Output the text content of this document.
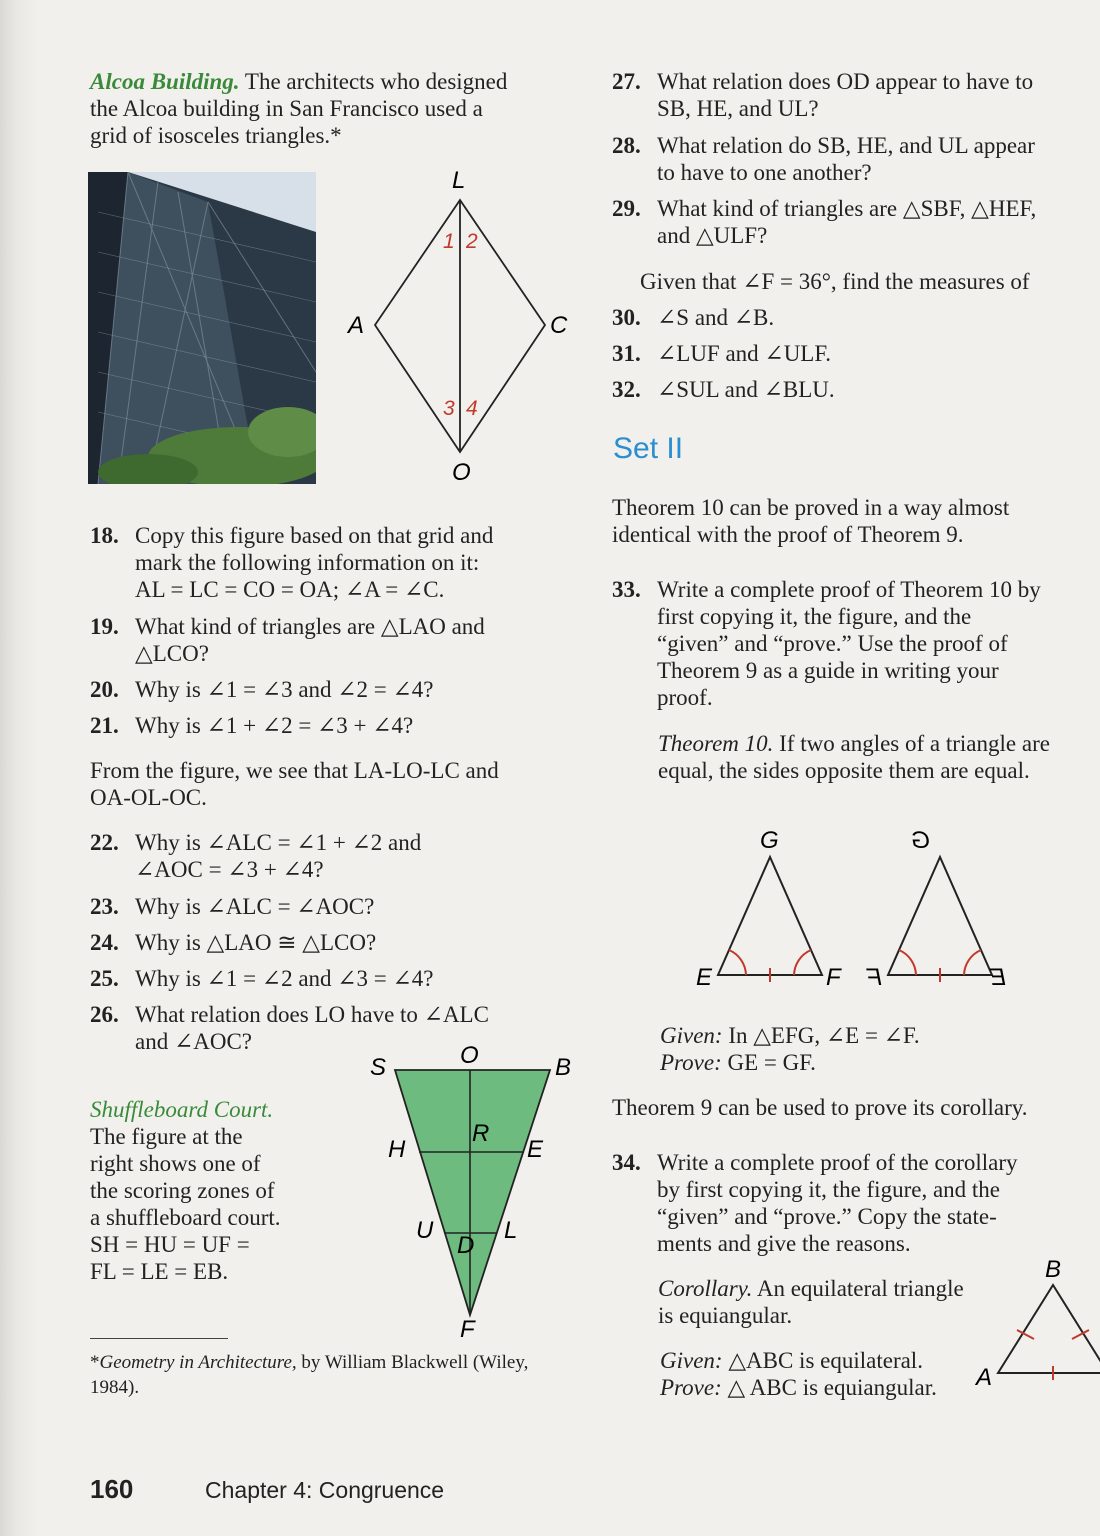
Alcoa Building. The architects who designed
the Alcoa building in San Francisco used a
grid of isosceles triangles.*
L
A	C
O
1 2
3 4
18. Copy this figure based on that grid and
mark the following information on it:
AL = LC = CO = OA; ∠A = ∠C.
19. What kind of triangles are △LAO and
△LCO?
20. Why is ∠1 = ∠3 and ∠2 = ∠4?
21. Why is ∠1 + ∠2 = ∠3 + ∠4?
From the figure, we see that LA-LO-LC and
OA-OL-OC.
22. Why is ∠ALC = ∠1 + ∠2 and
∠AOC = ∠3 + ∠4?
23. Why is ∠ALC = ∠AOC?
24. Why is △LAO ≅ △LCO?
25. Why is ∠1 = ∠2 and ∠3 = ∠4?
26. What relation does LO have to ∠ALC
and ∠AOC?
Shuffleboard Court.
The figure at the
right shows one of
the scoring zones of
a shuffleboard court.
SH = HU = UF =
FL = LE = EB.
S	O	B
H
R
E
U
D
L
F
*Geometry in Architecture, by William Blackwell (Wiley,
1984).
27. What relation does OD appear to have to
SB, HE, and UL?
28. What relation do SB, HE, and UL appear
to have to one another?
29. What kind of triangles are △SBF, △HEF,
and △ULF?
Given that ∠F = 36°, find the measures of
30. ∠S and ∠B.
31. ∠LUF and ∠ULF.
32. ∠SUL and ∠BLU.
Set II
Theorem 10 can be proved in a way almost
identical with the proof of Theorem 9.
33. Write a complete proof of Theorem 10 by
first copying it, the figure, and the
“given” and “prove.” Use the proof of
Theorem 9 as a guide in writing your
proof.
Theorem 10. If two angles of a triangle are
equal, the sides opposite them are equal.
G
E	F
G
E
F
Given: In △EFG, ∠E = ∠F.
Prove: GE = GF.
Theorem 9 can be used to prove its corollary.
34. Write a complete proof of the corollary
by first copying it, the figure, and the
“given” and “prove.” Copy the state-
ments and give the reasons.
Corollary. An equilateral triangle
is equiangular.
B
A
Given: △ABC is equilateral.
Prove: △ ABC is equiangular.
160	Chapter 4: Congruence
